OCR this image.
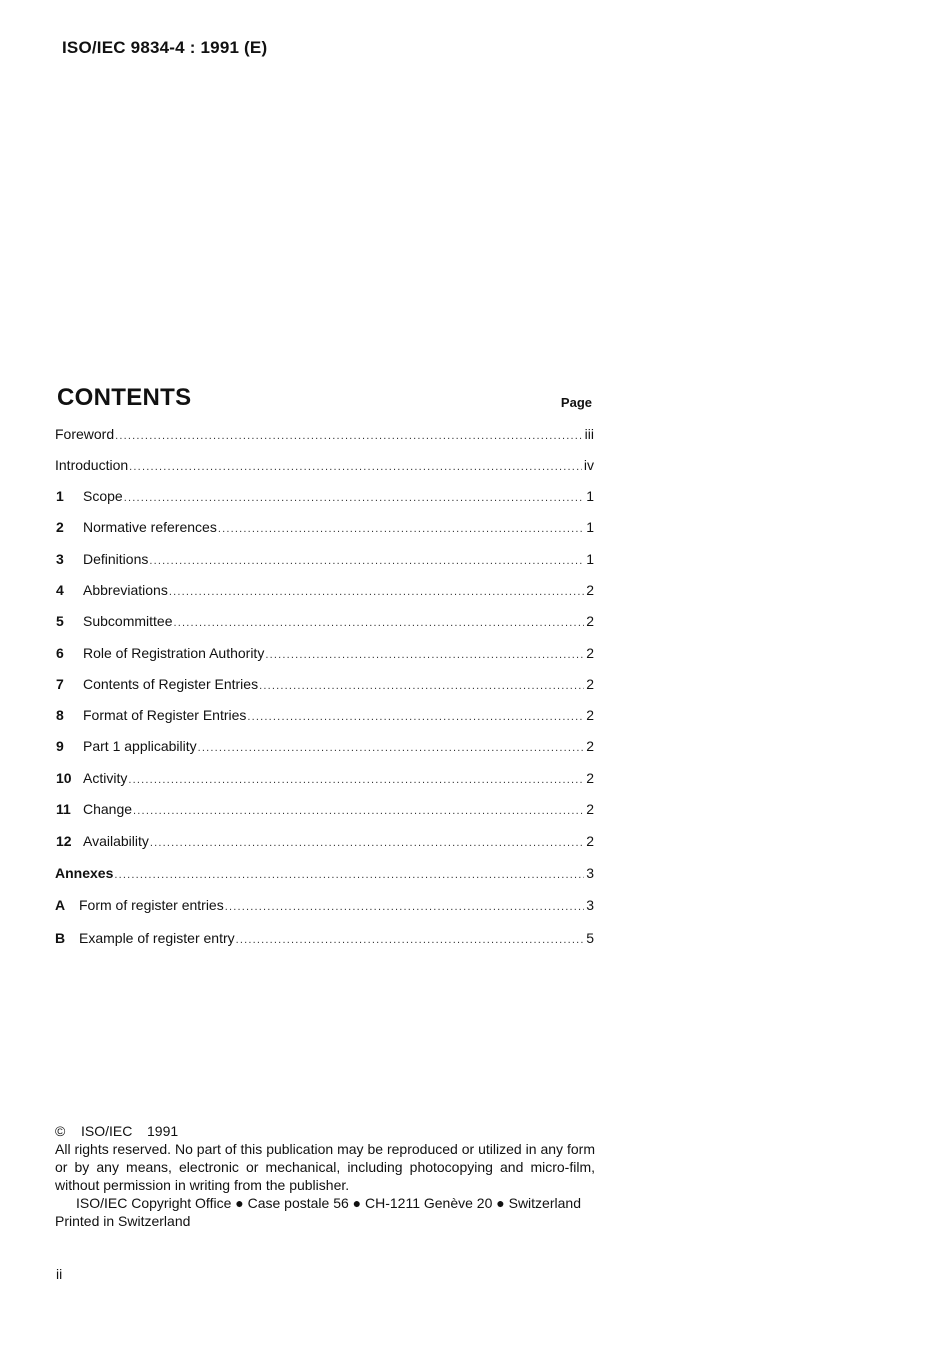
ISO/IEC 9834-4 : 1991 (E)
CONTENTS	Page
Foreword .....	iii
Introduction .....	iv
1	Scope .....	1
2	Normative references .....	1
3	Definitions .....	1
4	Abbreviations .....	2
5	Subcommittee .....	2
6	Role of Registration Authority .....	2
7	Contents of Register Entries .....	2
8	Format of Register Entries .....	2
9	Part 1 applicability .....	2
10 Activity .....	2
11 Change .....	2
12 Availability .....	2
Annexes .....	3
A Form of register entries .....	3
B Example of register entry .....	5
©	ISO/IEC	1991

All rights reserved. No part of this publication may be reproduced or utilized in any form or by any means, electronic or mechanical, including photocopying and micro-film, without permission in writing from the publisher.

ISO/IEC Copyright Office ● Case postale 56 ● CH-1211 Genève 20 ● Switzerland

Printed in Switzerland

ii
